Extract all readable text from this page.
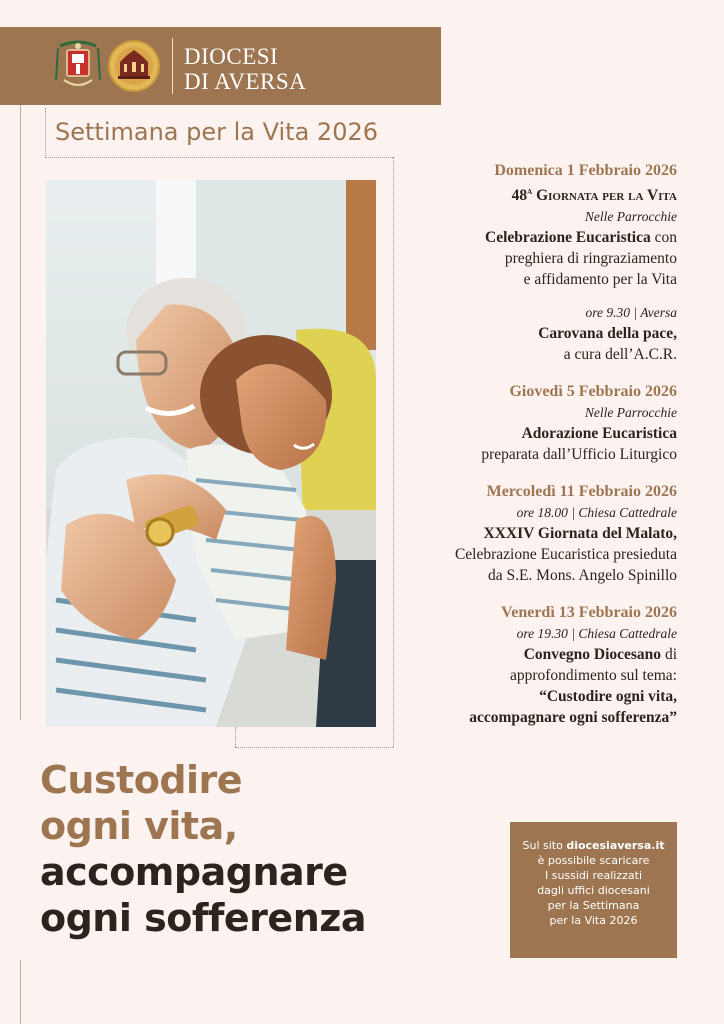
DIOCESI
DI AVERSA
Settimana per la Vita 2026
Domenica 1 Febbraio 2026
48$^a$ Giornata per la Vita
Nelle Parrocchie
Celebrazione Eucaristica con
preghiera di ringraziamento
e affidamento per la Vita
ore 9.30 | Aversa
Carovana della pace,
a cura dell’A.C.R.
Giovedì 5 Febbraio 2026
Nelle Parrocchie
Adorazione Eucaristica
preparata dall’Ufficio Liturgico
Mercoledì 11 Febbraio 2026
ore 18.00 | Chiesa Cattedrale
XXXIV Giornata del Malato,
Celebrazione Eucaristica presieduta
da S.E. Mons. Angelo Spinillo
Venerdì 13 Febbraio 2026
ore 19.30 | Chiesa Cattedrale
Convegno Diocesano di
approfondimento sul tema:
“Custodire ogni vita,
accompagnare ogni sofferenza”
Custodire
ogni vita,
accompagnare
ogni sofferenza
Sul sito diocesiaversa.it
è possibile scaricare
I sussidi realizzati
dagli uffici diocesani
per la Settimana
per la Vita 2026
